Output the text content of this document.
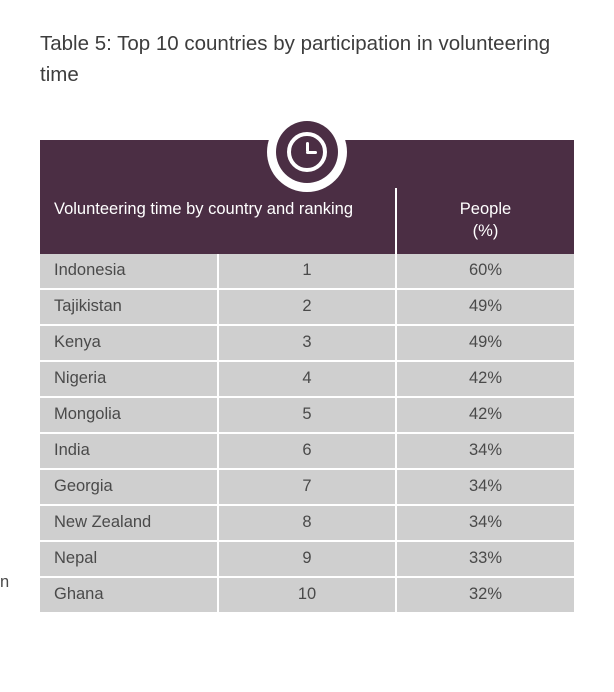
Table 5: Top 10 countries by participation in volunteering time
n
Volunteering time by country and ranking		People
(%)

Indonesia	1	60%
Tajikistan	2	49%
Kenya	3	49%
Nigeria	4	42%
Mongolia	5	42%
India	6	34%
Georgia	7	34%
New Zealand	8	34%
Nepal	9	33%
Ghana	10	32%
